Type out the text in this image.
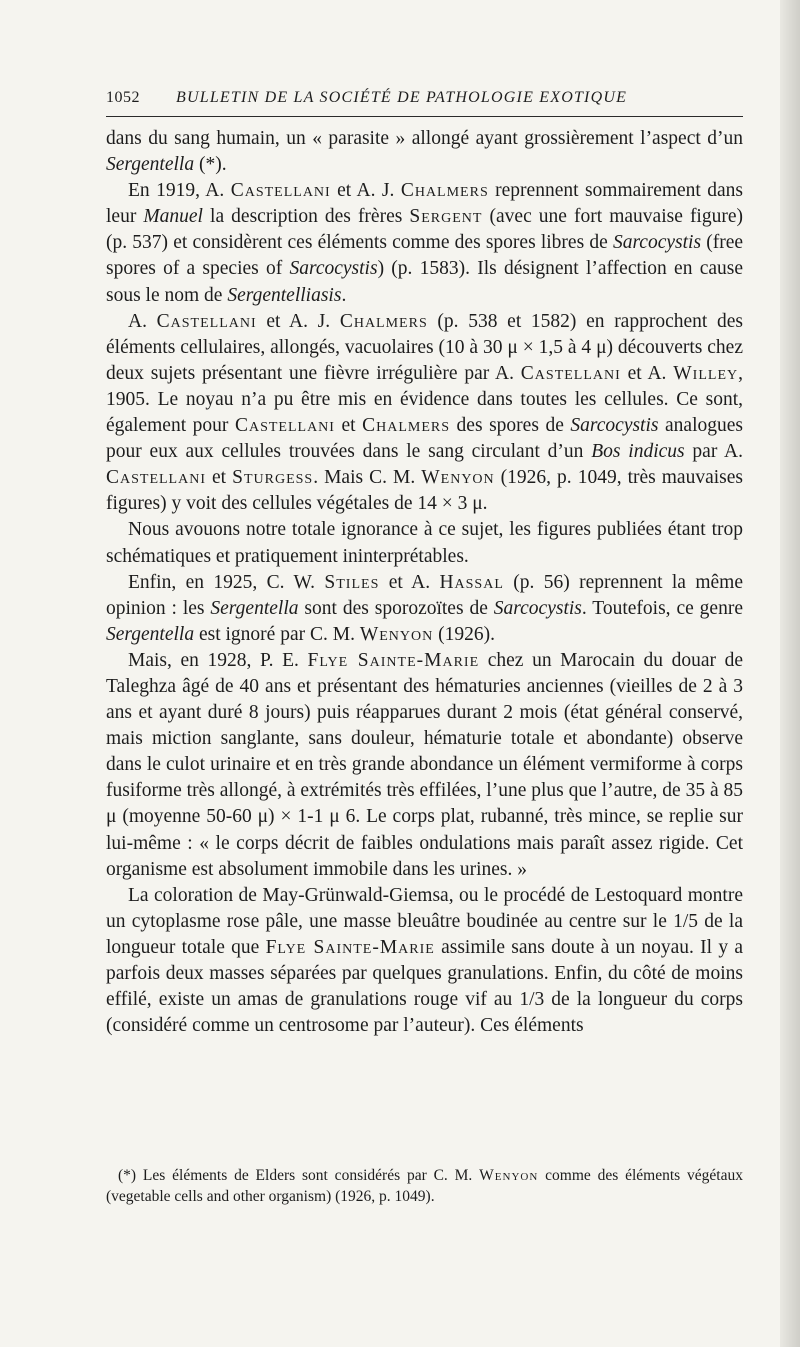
1052 BULLETIN DE LA SOCIÉTÉ DE PATHOLOGIE EXOTIQUE

dans du sang humain, un « parasite » allongé ayant grossièrement l’aspect d’un Sergentella (*).

En 1919, A. Castellani et A. J. Chalmers reprennent sommairement dans leur Manuel la description des frères Sergent (avec une fort mauvaise figure) (p. 537) et considèrent ces éléments comme des spores libres de Sarcocystis (free spores of a species of Sarcocystis) (p. 1583). Ils désignent l’affection en cause sous le nom de Sergentelliasis.

A. Castellani et A. J. Chalmers (p. 538 et 1582) en rapprochent des éléments cellulaires, allongés, vacuolaires (10 à 30 μ × 1,5 à 4 μ) découverts chez deux sujets présentant une fièvre irrégulière par A. Castellani et A. Willey, 1905. Le noyau n’a pu être mis en évidence dans toutes les cellules. Ce sont, également pour Castellani et Chalmers des spores de Sarcocystis analogues pour eux aux cellules trouvées dans le sang circulant d’un Bos indicus par A. Castellani et Sturgess. Mais C. M. Wenyon (1926, p. 1049, très mauvaises figures) y voit des cellules végétales de 14 × 3 μ.

Nous avouons notre totale ignorance à ce sujet, les figures publiées étant trop schématiques et pratiquement ininterprétables.

Enfin, en 1925, C. W. Stiles et A. Hassal (p. 56) reprennent la même opinion : les Sergentella sont des sporozoïtes de Sarcocystis. Toutefois, ce genre Sergentella est ignoré par C. M. Wenyon (1926).

Mais, en 1928, P. E. Flye Sainte-Marie chez un Marocain du douar de Taleghza âgé de 40 ans et présentant des hématuries anciennes (vieilles de 2 à 3 ans et ayant duré 8 jours) puis réapparues durant 2 mois (état général conservé, mais miction sanglante, sans douleur, hématurie totale et abondante) observe dans le culot urinaire et en très grande abondance un élément vermiforme à corps fusiforme très allongé, à extrémités très effilées, l’une plus que l’autre, de 35 à 85 μ (moyenne 50-60 μ) × 1-1 μ 6. Le corps plat, rubanné, très mince, se replie sur lui-même : « le corps décrit de faibles ondulations mais paraît assez rigide. Cet organisme est absolument immobile dans les urines. »

La coloration de May-Grünwald-Giemsa, ou le procédé de Lestoquard montre un cytoplasme rose pâle, une masse bleuâtre boudinée au centre sur le 1/5 de la longueur totale que Flye Sainte-Marie assimile sans doute à un noyau. Il y a parfois deux masses séparées par quelques granulations. Enfin, du côté de moins effilé, existe un amas de granulations rouge vif au 1/3 de la longueur du corps (considéré comme un centrosome par l’auteur). Ces éléments

(*) Les éléments de Elders sont considérés par C. M. Wenyon comme des éléments végétaux (vegetable cells and other organism) (1926, p. 1049).
